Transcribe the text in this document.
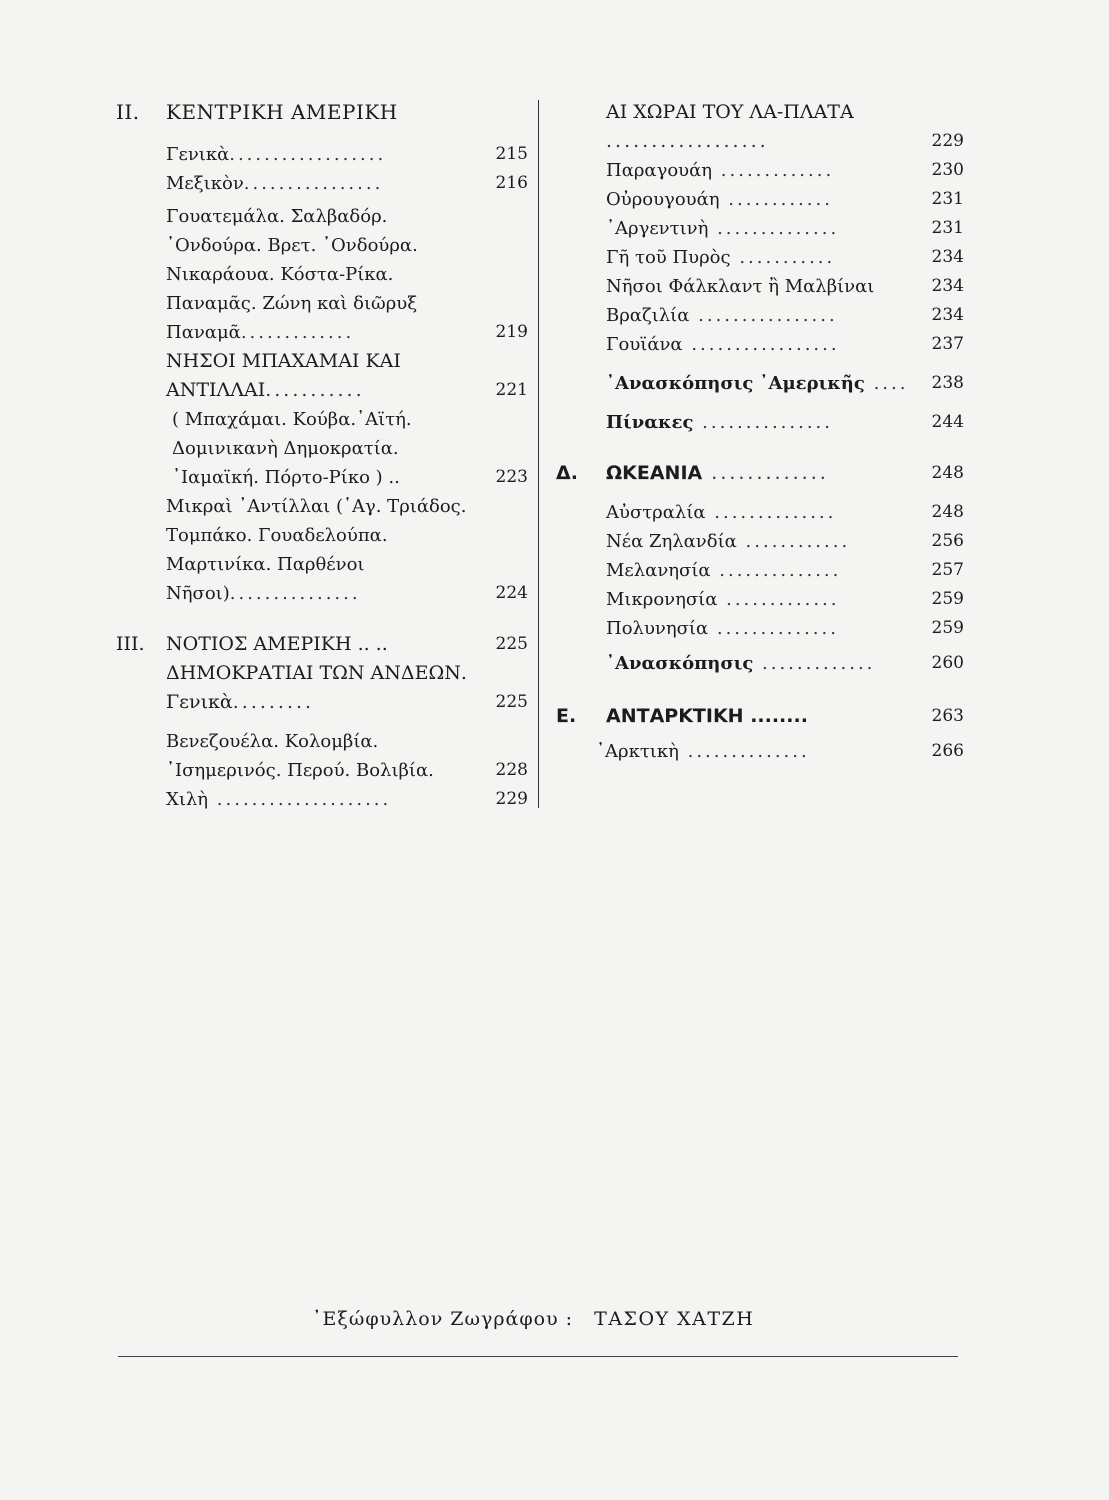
II.	ΚΕΝΤΡΙΚΗ ΑΜΕΡΙΚΗ
Γενικὰ..................	215
Μεξικὸν................	216
Γουατεμάλα. Σαλβαδόρ. ᾿Ονδούρα. Βρετ. ᾿Ονδούρα. Νικαράουα. Κόστα-Ρίκα. Παναμᾶς. Ζώνη καὶ διῶρυξ Παναμᾶ.............	219
ΝΗΣΟΙ ΜΠΑΧΑΜΑΙ ΚΑΙ ΑΝΤΙΛΛΑΙ...........	221
( Μπαχάμαι. Κούβα.᾿Αϊτή. Δομινικανὴ Δημοκρατία. ᾿Ιαμαϊκή. Πόρτο-Ρίκο ) ..	223
Μικραὶ ᾿Αντίλλαι (῾Αγ. Τριάδος. Τομπάκο. Γουαδελούπα. Μαρτινίκα. Παρθένοι Νῆσοι)...............	224
III. ΝΟΤΙΟΣ ΑΜΕΡΙΚΗ .. ..	225
ΔΗΜΟΚΡΑΤΙΑΙ ΤΩΝ ΑΝΔΕΩΝ. Γενικὰ.........	225
Βενεζουέλα. Κολομβία. ᾿Ισημερινός. Περού. Βολιβία.	228
Χιλὴ ....................	229
ΑΙ ΧΩΡΑΙ ΤΟΥ ΛΑ-ΠΛΑΤΑ ..................	229
Παραγουάη .............	230
Οὐρουγουάη ............	231
᾿Αργεντινὴ ..............	231
Γῆ τοῦ Πυρὸς ...........	234
Νῆσοι Φάλκλαντ ἢ Μαλβίναι	234
Βραζιλία ................	234
Γουϊάνα .................	237
᾿Ανασκόπησις ᾿Αμερικῆς ....	238
Πίνακες ...............	244
Δ. ΩΚΕΑΝΙΑ .............	248
Αὐστραλία ..............	248
Νέα Ζηλανδία ............	256
Μελανησία ..............	257
Μικρονησία .............	259
Πολυνησία ..............	259
᾿Ανασκόπησις .............	260
Ε. ΑΝΤΑΡΚΤΙΚΗ ........	263
᾿Αρκτικὴ ..............	266
᾿Εξώφυλλον Ζωγράφου : ΤΑΣΟΥ ΧΑΤΖΗ
